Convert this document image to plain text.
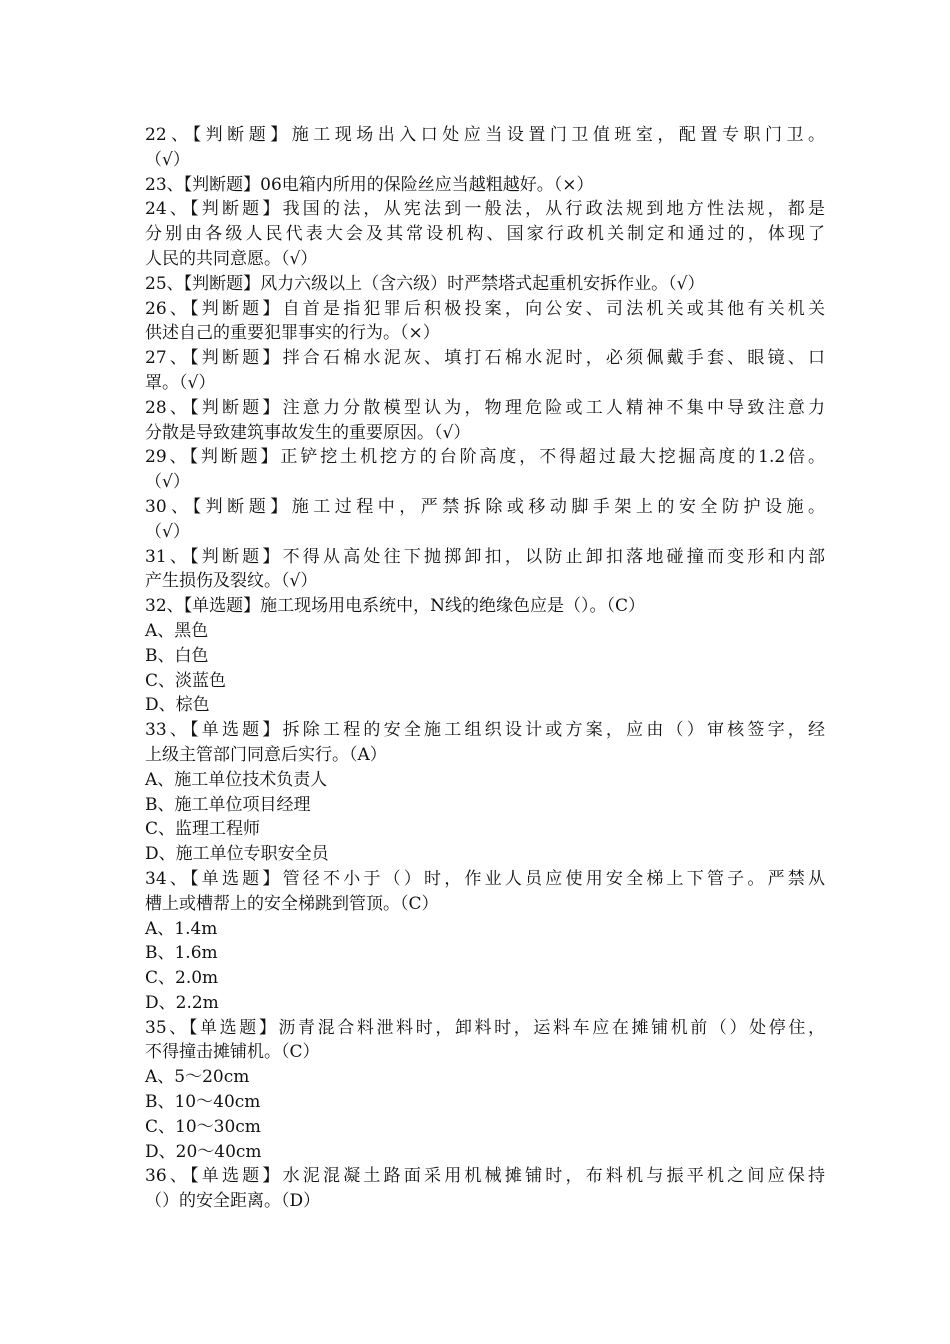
22、【判断题】施工现场出入口处应当设置门卫值班室，配置专职门卫。
（√）
23、【判断题】06电箱内所用的保险丝应当越粗越好。（×）
24、【判断题】我国的法，从宪法到一般法，从行政法规到地方性法规，都是
分别由各级人民代表大会及其常设机构、国家行政机关制定和通过的，体现了
人民的共同意愿。（√）
25、【判断题】风力六级以上（含六级）时严禁塔式起重机安拆作业。（√）
26、【判断题】自首是指犯罪后积极投案，向公安、司法机关或其他有关机关
供述自己的重要犯罪事实的行为。（×）
27、【判断题】拌合石棉水泥灰、填打石棉水泥时，必须佩戴手套、眼镜、口
罩。（√）
28、【判断题】注意力分散模型认为，物理危险或工人精神不集中导致注意力
分散是导致建筑事故发生的重要原因。（√）
29、【判断题】正铲挖土机挖方的台阶高度，不得超过最大挖掘高度的1.2倍。
（√）
30、【判断题】施工过程中，严禁拆除或移动脚手架上的安全防护设施。
（√）
31、【判断题】不得从高处往下抛掷卸扣，以防止卸扣落地碰撞而变形和内部
产生损伤及裂纹。（√）
32、【单选题】施工现场用电系统中，N线的绝缘色应是（）。（C）
A、黑色
B、白色
C、淡蓝色
D、棕色
33、【单选题】拆除工程的安全施工组织设计或方案，应由（）审核签字，经
上级主管部门同意后实行。（A）
A、施工单位技术负责人
B、施工单位项目经理
C、监理工程师
D、施工单位专职安全员
34、【单选题】管径不小于（）时，作业人员应使用安全梯上下管子。严禁从
槽上或槽帮上的安全梯跳到管顶。（C）
A、1.4m
B、1.6m
C、2.0m
D、2.2m
35、【单选题】沥青混合料泄料时，卸料时，运料车应在摊铺机前（）处停住，
不得撞击摊铺机。（C）
A、5〜20cm
B、10〜40cm
C、10〜30cm
D、20〜40cm
36、【单选题】水泥混凝土路面采用机械摊铺时，布料机与振平机之间应保持
（）的安全距离。（D）
